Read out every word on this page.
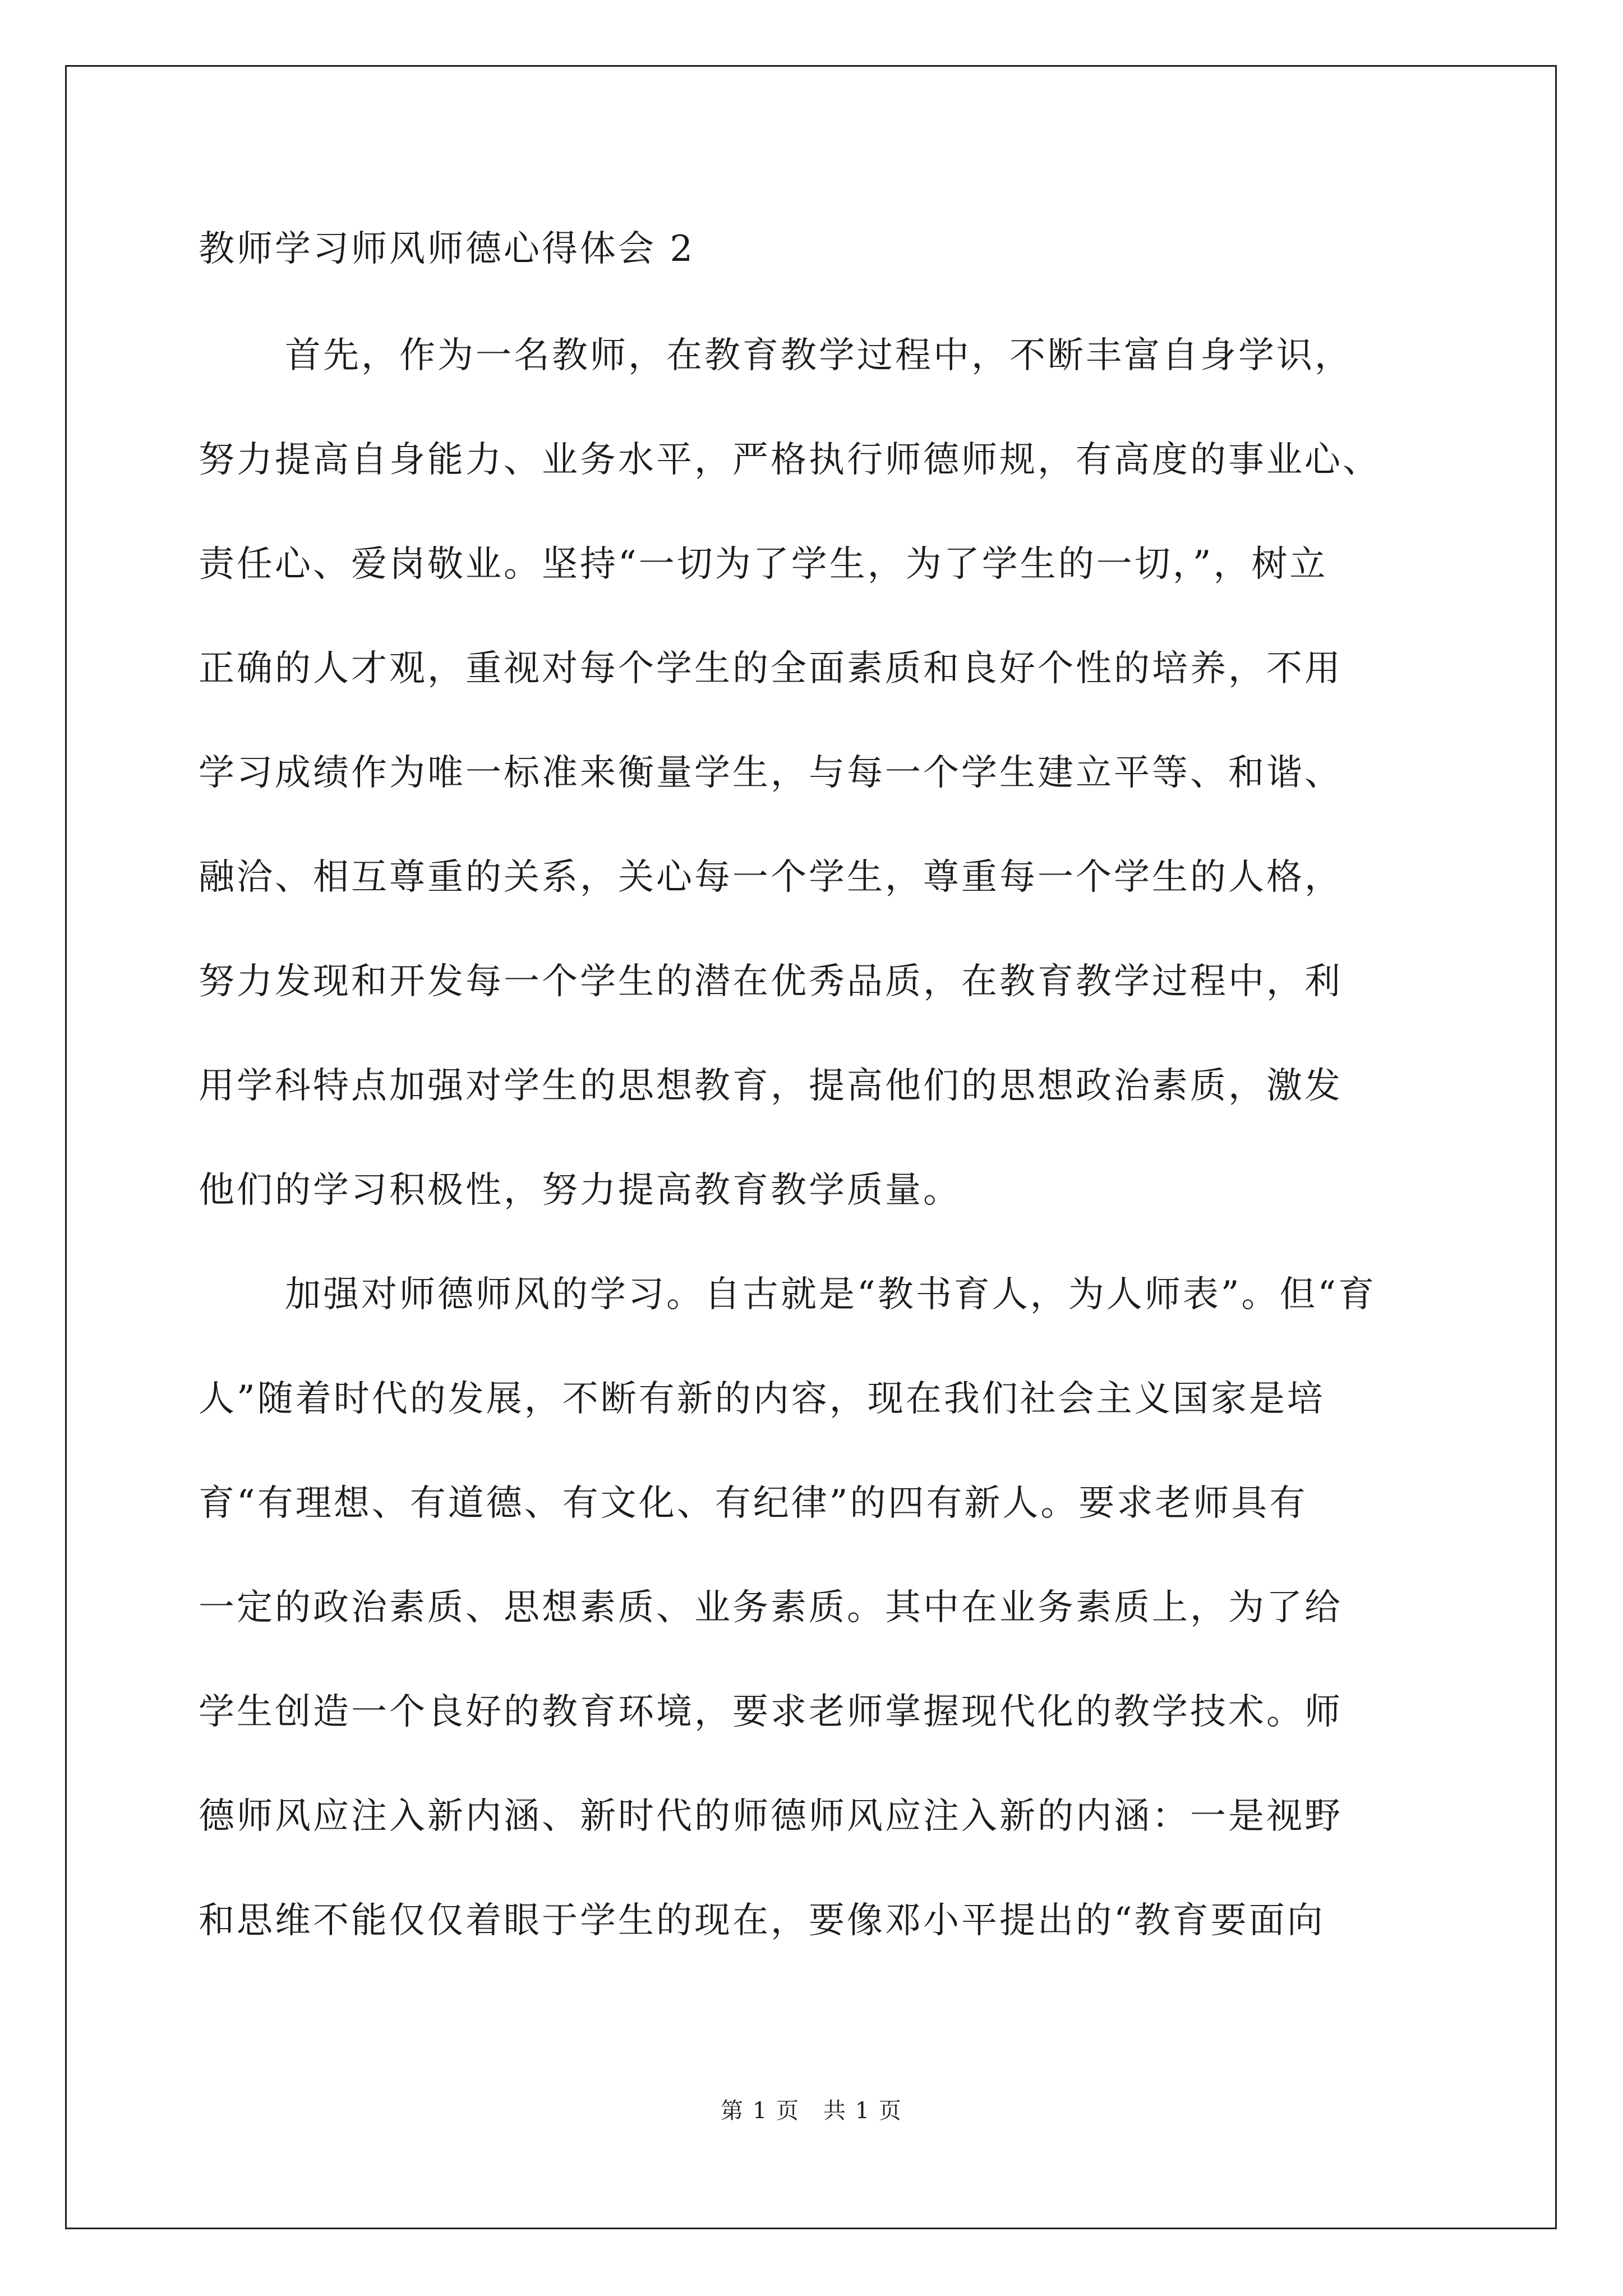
教师学习师风师德心得体会 2
首先，作为一名教师，在教育教学过程中，不断丰富自身学识，
努力提高自身能力、业务水平，严格执行师德师规，有高度的事业心、
责任心、爱岗敬业。坚持“一切为了学生，为了学生的一切，”，树立
正确的人才观，重视对每个学生的全面素质和良好个性的培养，不用
学习成绩作为唯一标准来衡量学生，与每一个学生建立平等、和谐、
融洽、相互尊重的关系，关心每一个学生，尊重每一个学生的人格，
努力发现和开发每一个学生的潜在优秀品质，在教育教学过程中，利
用学科特点加强对学生的思想教育，提高他们的思想政治素质，激发
他们的学习积极性，努力提高教育教学质量。
加强对师德师风的学习。自古就是“教书育人，为人师表”。但“育
人”随着时代的发展，不断有新的内容，现在我们社会主义国家是培
育“有理想、有道德、有文化、有纪律”的四有新人。要求老师具有
一定的政治素质、思想素质、业务素质。其中在业务素质上，为了给
学生创造一个良好的教育环境，要求老师掌握现代化的教学技术。师
德师风应注入新内涵、新时代的师德师风应注入新的内涵：一是视野
和思维不能仅仅着眼于学生的现在，要像邓小平提出的“教育要面向
第 1 页　共 1 页
